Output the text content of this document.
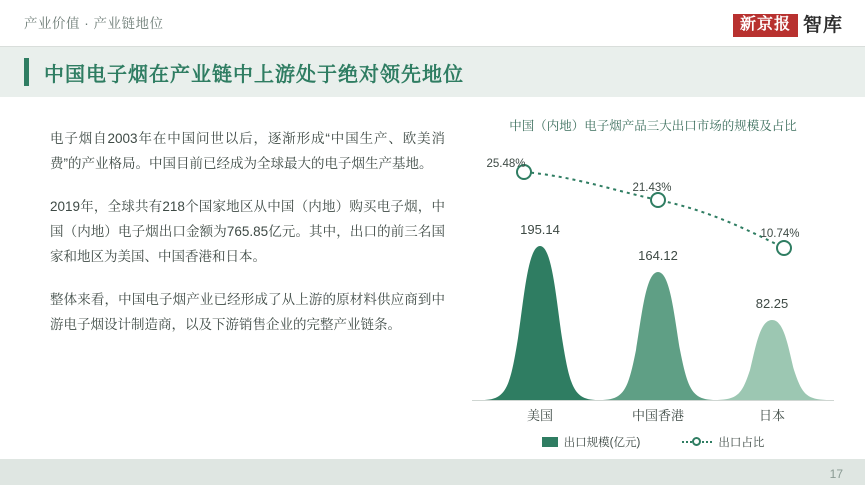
产业价值 · 产业链地位	新京报 智库
中国电子烟在产业链中上游处于绝对领先地位
电子烟自2003年在中国问世以后，逐渐形成“中国生产、欧美消费”的产业格局。中国目前已经成为全球最大的电子烟生产基地。
2019年，全球共有218个国家地区从中国（内地）购买电子烟，中国（内地）电子烟出口金额为765.85亿元。其中，出口的前三名国家和地区为美国、中国香港和日本。
整体来看，中国电子烟产业已经形成了从上游的原材料供应商到中游电子烟设计制造商，以及下游销售企业的完整产业链条。
中国（内地）电子烟产品三大出口市场的规模及占比
25.48%
21.43%
10.74%
195.14
164.12
82.25
美国	中国香港	日本
出口规模(亿元)	出口占比
17
